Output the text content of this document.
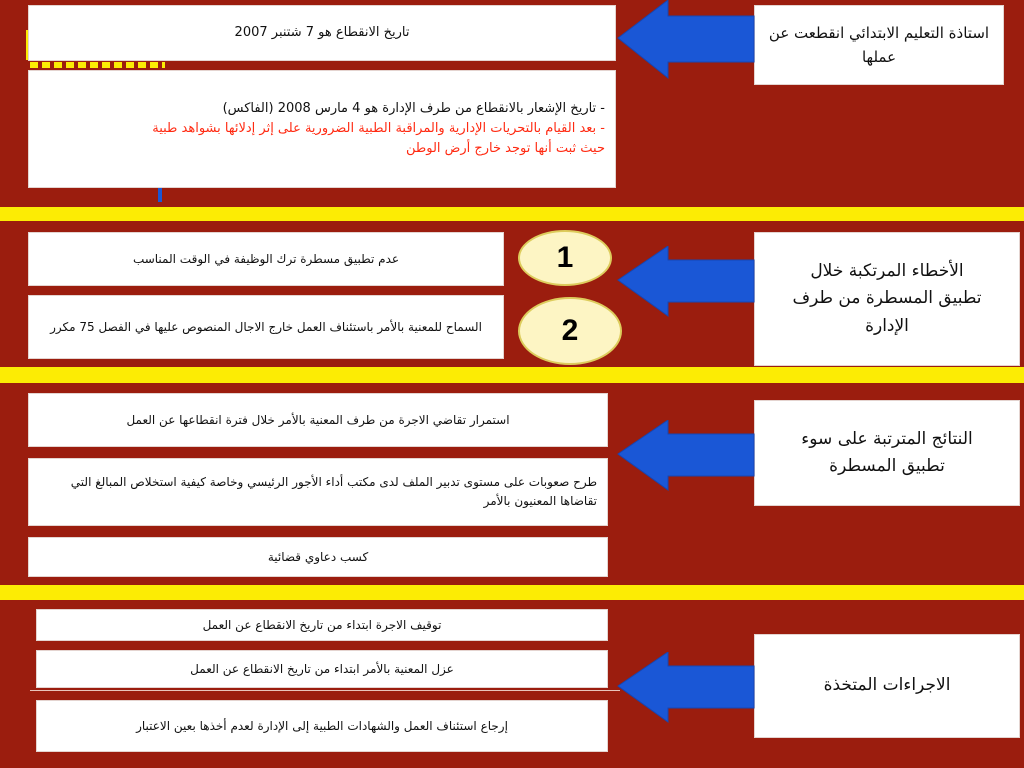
استاذة التعليم الابتدائي انقطعت عن عملها
تاريخ الانقطاع هو 7 شتنبر 2007
- تاريخ الإشعار بالانقطاع من طرف الإدارة هو 4 مارس 2008 (الفاكس)
- بعد القيام بالتحريات الإدارية والمراقبة الطبية الضرورية على إثر إدلائها بشواهد طبية
حيث ثبت أنها توجد خارج أرض الوطن
الأخطاء المرتكبة خلال تطبيق المسطرة من طرف الإدارة
1
2
عدم تطبيق مسطرة ترك الوظيفة في الوقت المناسب
السماح للمعنية بالأمر باستئناف العمل خارج الاجال المنصوص عليها في الفصل 75 مكرر
النتائج المترتبة على سوء تطبيق المسطرة
استمرار تقاضي الاجرة من طرف المعنية بالأمر خلال فترة انقطاعها عن العمل
طرح صعوبات على مستوى تدبير الملف لدى مكتب أداء الأجور الرئيسي وخاصة كيفية استخلاص المبالغ التي تقاضاها المعنيون بالأمر
كسب دعاوي قضائية
الاجراءات المتخذة
توقيف الاجرة ابتداء من تاريخ الانقطاع عن العمل
عزل المعنية بالأمر ابتداء من تاريخ الانقطاع عن العمل
إرجاع استئناف العمل والشهادات الطبية إلى الإدارة لعدم أخذها بعين الاعتبار
